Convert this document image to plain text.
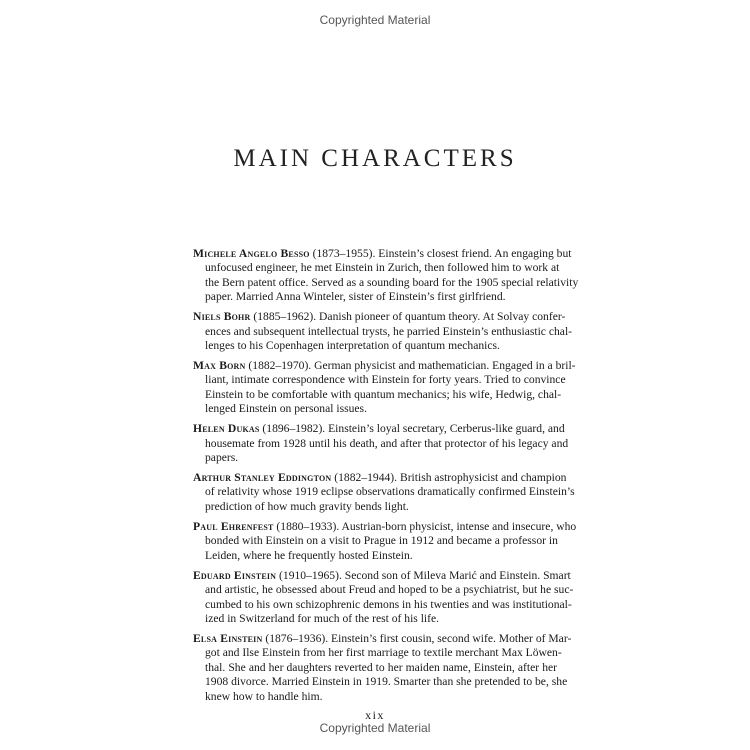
Copyrighted Material
MAIN CHARACTERS
Michele Angelo Besso (1873–1955). Einstein’s closest friend. An engaging but
unfocused engineer, he met Einstein in Zurich, then followed him to work at
the Bern patent office. Served as a sounding board for the 1905 special relativity
paper. Married Anna Winteler, sister of Einstein’s first girlfriend.
Niels Bohr (1885–1962). Danish pioneer of quantum theory. At Solvay confer-
ences and subsequent intellectual trysts, he parried Einstein’s enthusiastic chal-
lenges to his Copenhagen interpretation of quantum mechanics.
Max Born (1882–1970). German physicist and mathematician. Engaged in a bril-
liant, intimate correspondence with Einstein for forty years. Tried to convince
Einstein to be comfortable with quantum mechanics; his wife, Hedwig, chal-
lenged Einstein on personal issues.
Helen Dukas (1896–1982). Einstein’s loyal secretary, Cerberus-like guard, and
housemate from 1928 until his death, and after that protector of his legacy and
papers.
Arthur Stanley Eddington (1882–1944). British astrophysicist and champion
of relativity whose 1919 eclipse observations dramatically confirmed Einstein’s
prediction of how much gravity bends light.
Paul Ehrenfest (1880–1933). Austrian-born physicist, intense and insecure, who
bonded with Einstein on a visit to Prague in 1912 and became a professor in
Leiden, where he frequently hosted Einstein.
Eduard Einstein (1910–1965). Second son of Mileva Marić and Einstein. Smart
and artistic, he obsessed about Freud and hoped to be a psychiatrist, but he suc-
cumbed to his own schizophrenic demons in his twenties and was institutional-
ized in Switzerland for much of the rest of his life.
Elsa Einstein (1876–1936). Einstein’s first cousin, second wife. Mother of Mar-
got and Ilse Einstein from her first marriage to textile merchant Max Löwen-
thal. She and her daughters reverted to her maiden name, Einstein, after her
1908 divorce. Married Einstein in 1919. Smarter than she pretended to be, she
knew how to handle him.
xix
Copyrighted Material
